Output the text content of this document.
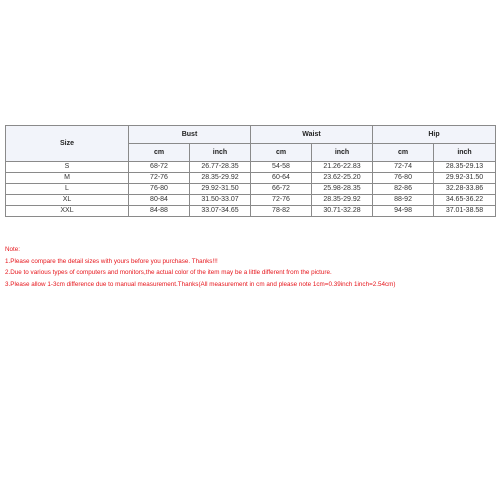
Size	Bust		Waist		Hip	
	cm	inch	cm	inch	cm	inch
S	68-72	26.77-28.35	54-58	21.26-22.83	72-74	28.35-29.13
M	72-76	28.35-29.92	60-64	23.62-25.20	76-80	29.92-31.50
L	76-80	29.92-31.50	66-72	25.98-28.35	82-86	32.28-33.86
XL	80-84	31.50-33.07	72-76	28.35-29.92	88-92	34.65-36.22
XXL	84-88	33.07-34.65	78-82	30.71-32.28	94-98	37.01-38.58
Note:
1.Please compare the detail sizes with yours before you purchase. Thanks!!!
2.Due to various types of computers and monitors,the actual color of the item may be a little different from the picture.
3.Please allow 1-3cm difference due to manual measurement.Thanks(All measurement in cm and please note 1cm=0.39inch 1inch=2.54cm)
